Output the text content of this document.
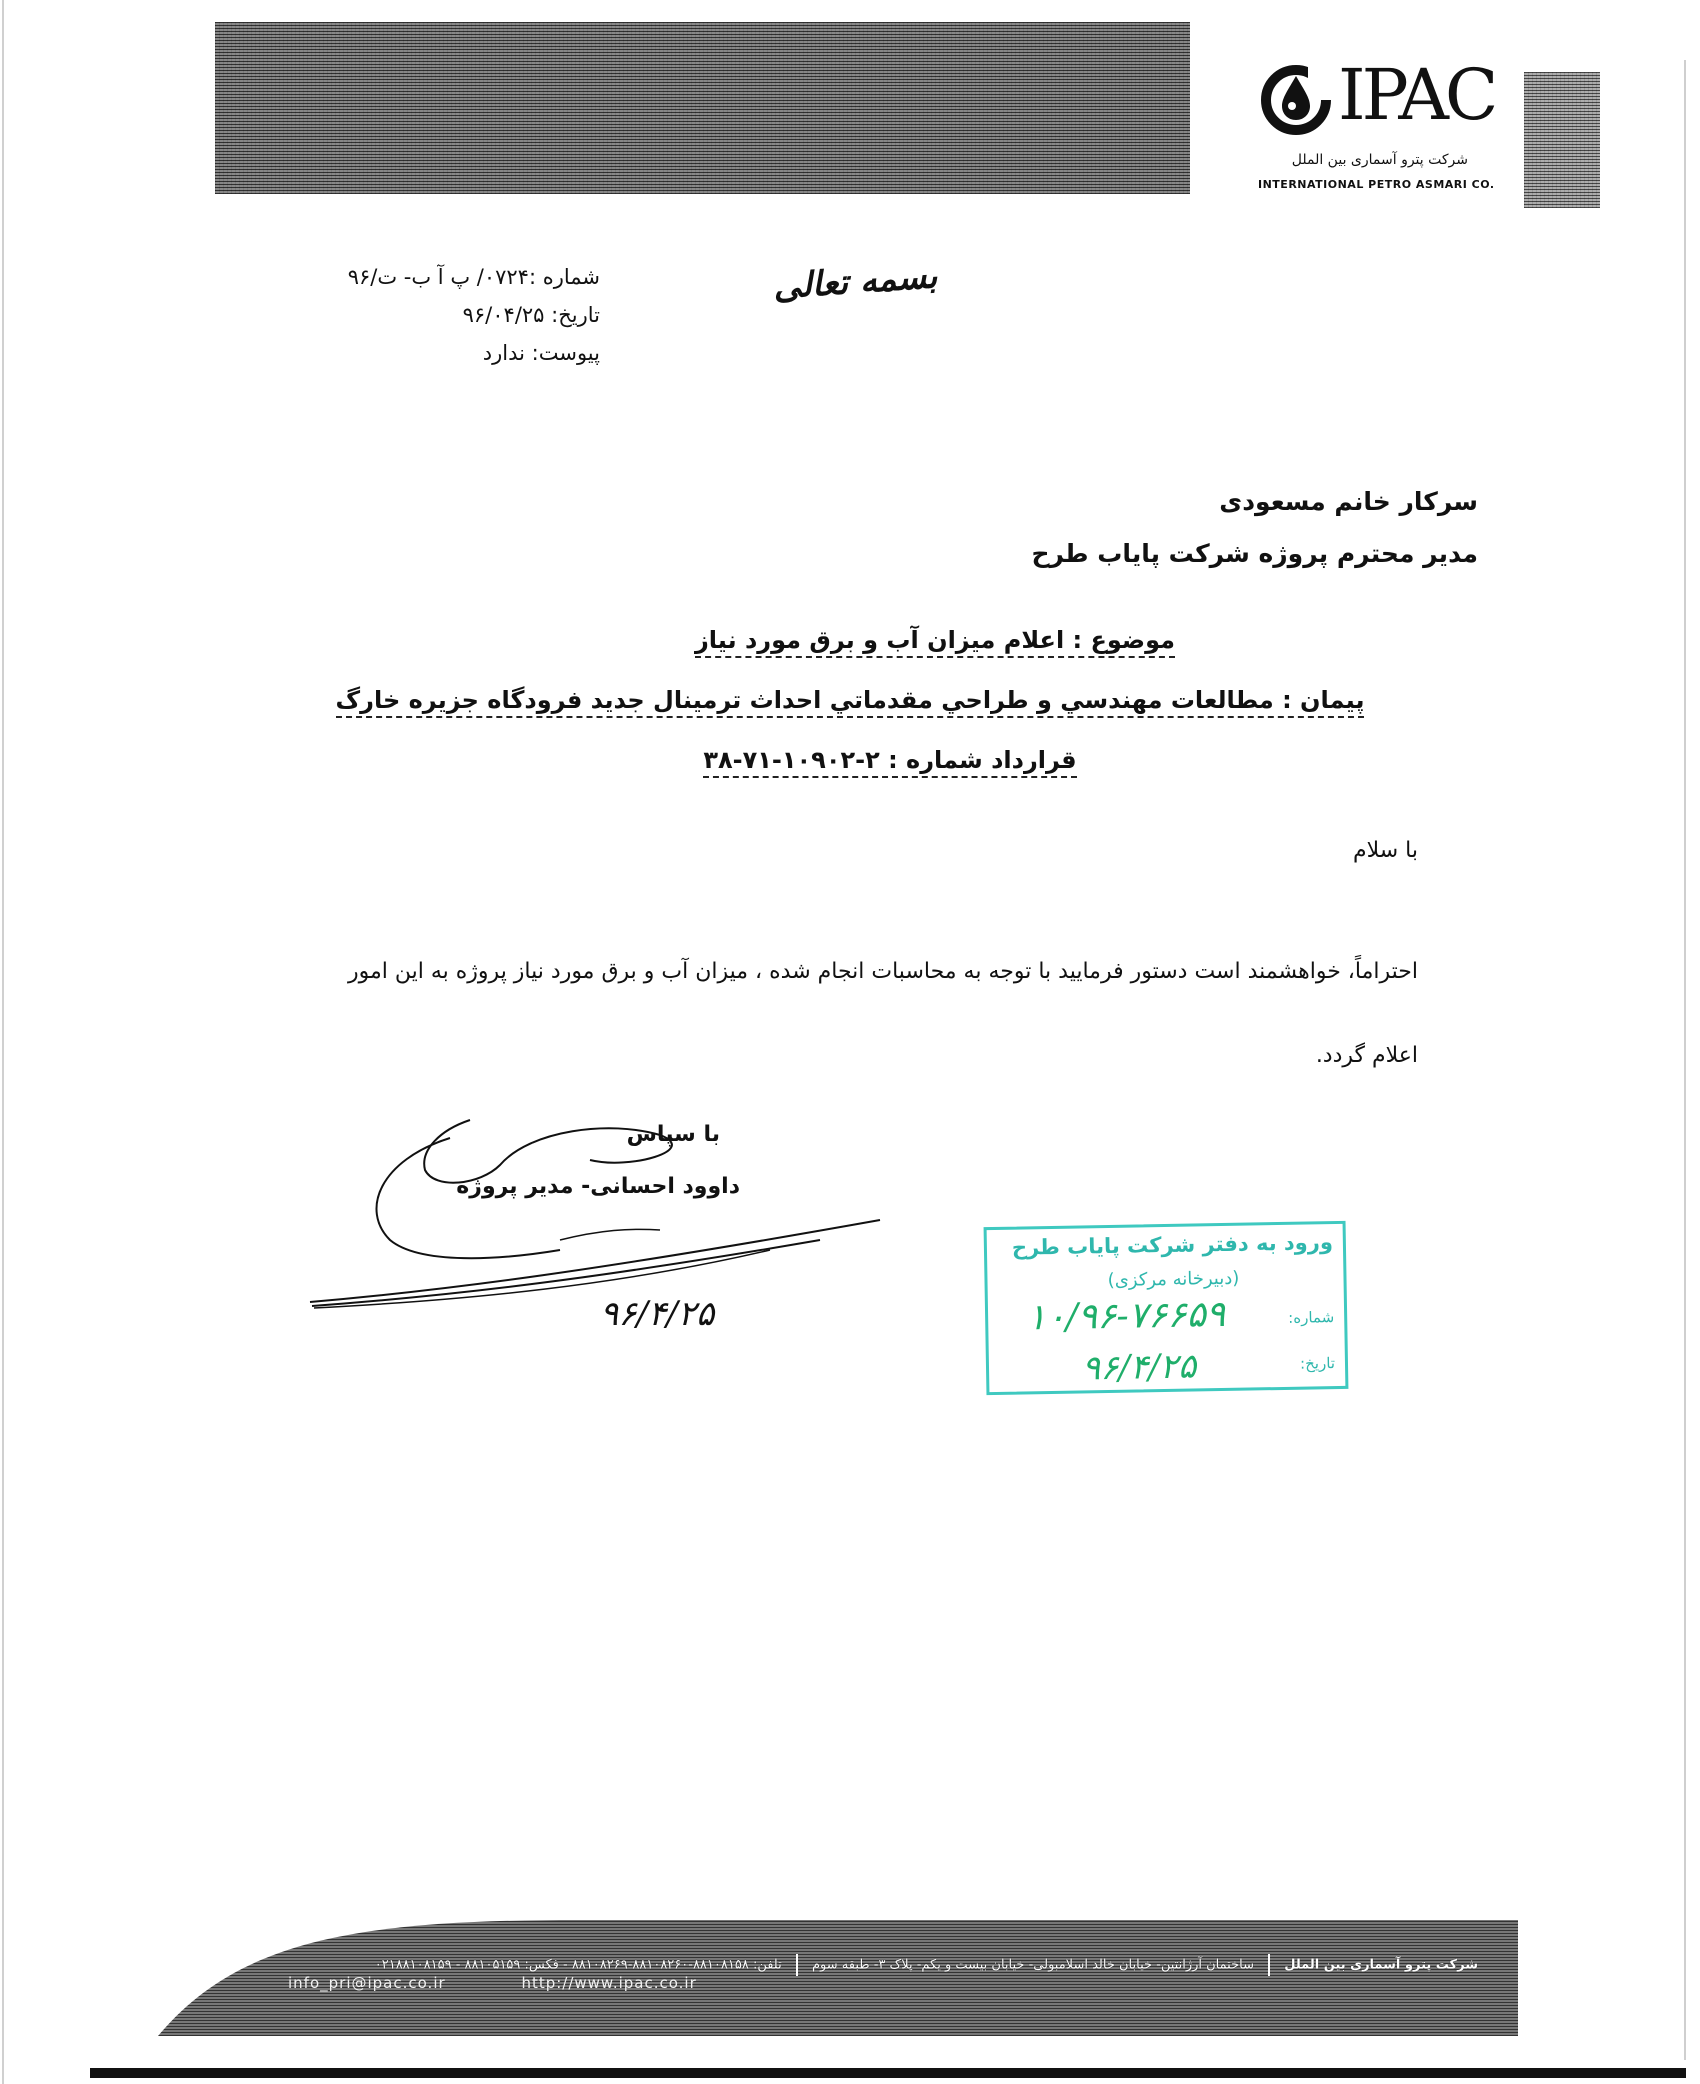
IPAC
شرکت پترو آسماری بین الملل
INTERNATIONAL PETRO ASMARI CO.
بسمه تعالی
شماره :۰۷۲۴/ پ آ ب- ت/۹۶
تاریخ: ۹۶/۰۴/۲۵
پیوست: ندارد
سرکار خانم مسعودی
مدیر محترم پروژه شرکت پایاب طرح
موضوع : اعلام میزان آب و برق مورد نیاز
پیمان : مطالعات مهندسي و طراحي مقدماتي احداث ترمينال جديد فرودگاه جزيره خارگ
قرارداد شماره : ۲-۱۰۹۰۲-۷۱-۳۸
با سلام
احتراماً، خواهشمند است دستور فرمایید با توجه به محاسبات انجام شده ، میزان آب و برق مورد نیاز پروژه به این امور اعلام گردد.
۹۶/۴/۲۵
با سپاس
داوود احسانی- مدیر پروژه
ورود به دفتر شرکت پایاب طرح
(دبیرخانه مرکزی)
شماره:
۱۰/۹۶-۷۶۶۵۹
تاریخ:
۹۶/۴/۲۵
شرکت پترو آسماری بین الملل  ساختمان آرژانتین- خیابان خالد اسلامبولی- خیابان بیست و یکم- پلاک ۳- طبقه سوم  تلفن: ۸۸۱۰۸۱۵۸-۸۸۱۰۸۲۶۰-۸۸۱۰۸۲۶۹ - فکس: ۸۸۱۰۵۱۵۹ - ۰۲۱۸۸۱۰۸۱۵۹
info_pri@ipac.co.ir	http://www.ipac.co.ir
